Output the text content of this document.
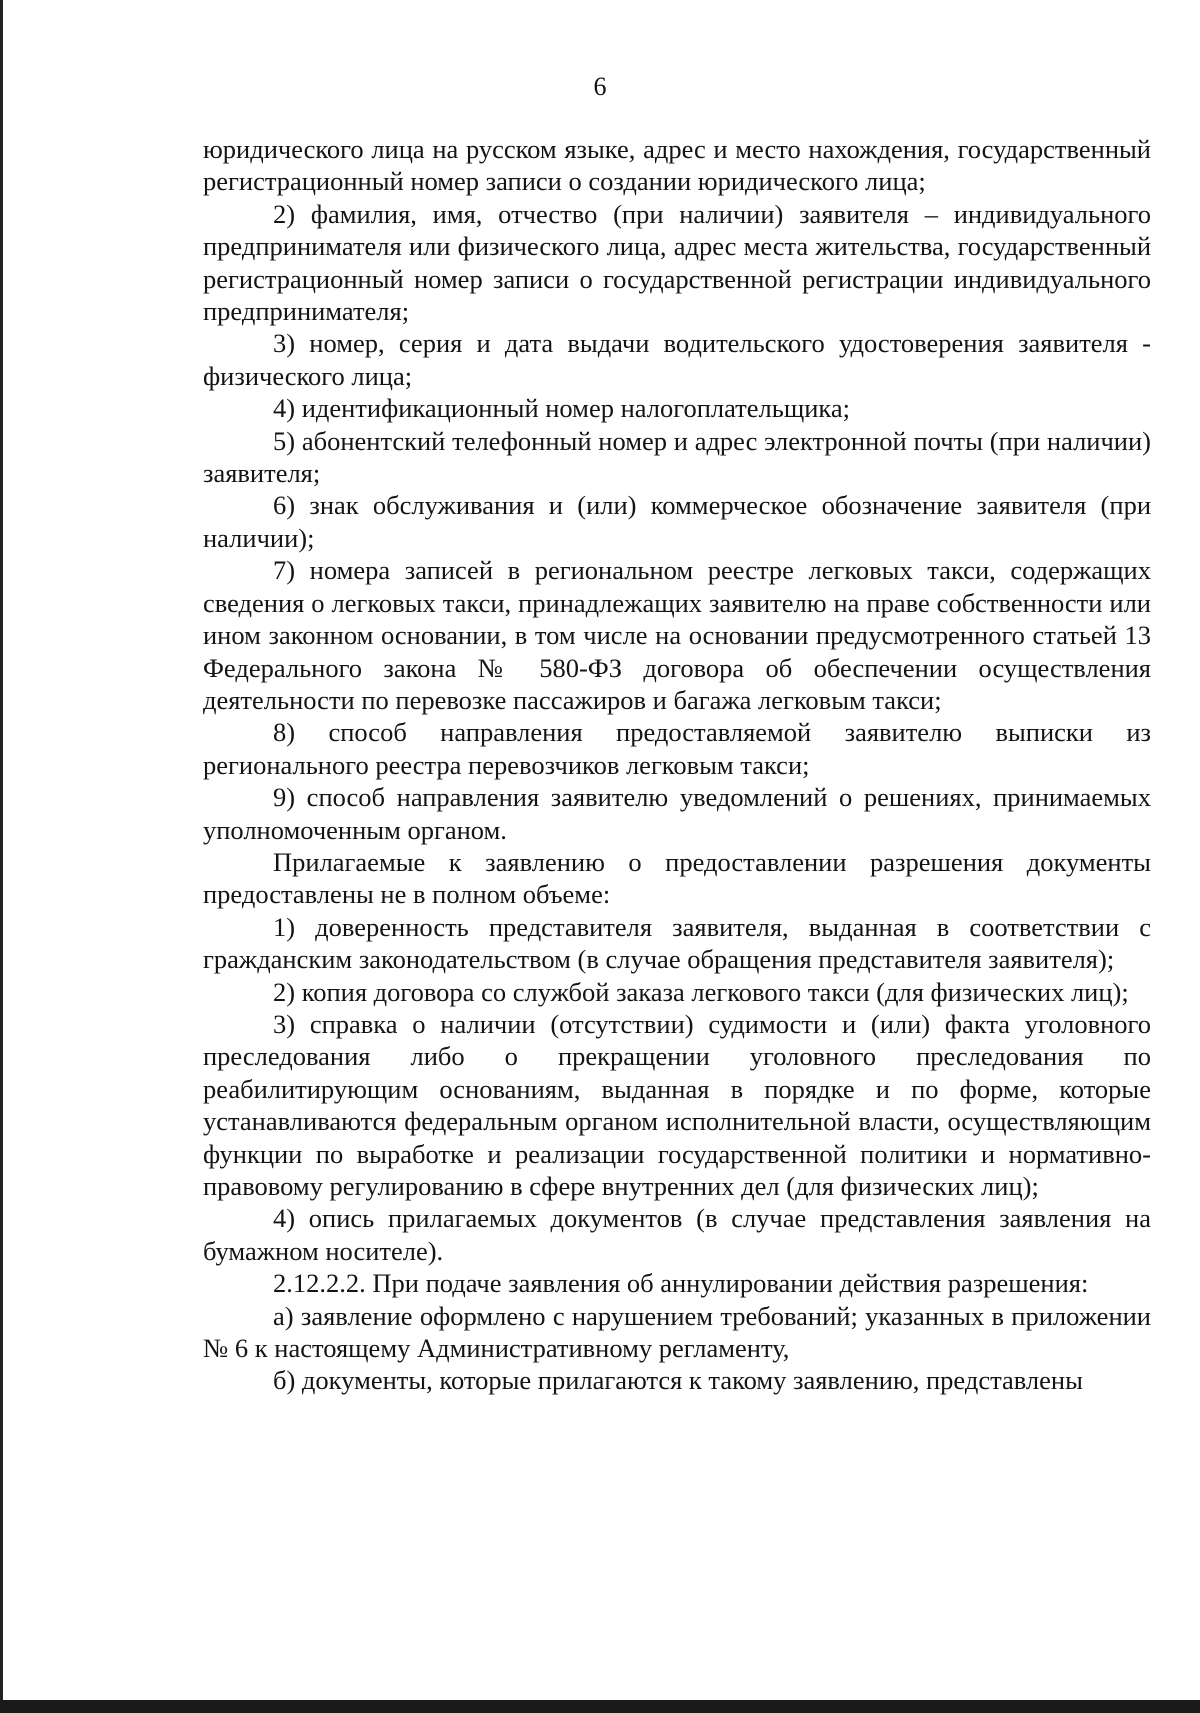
6

юридического лица на русском языке, адрес и место нахождения, государственный регистрационный номер записи о создании юридического лица;

2) фамилия, имя, отчество (при наличии) заявителя – индивидуального предпринимателя или физического лица, адрес места жительства, государственный регистрационный номер записи о государственной регистрации индивидуального предпринимателя;

3) номер, серия и дата выдачи водительского удостоверения заявителя - физического лица;

4) идентификационный номер налогоплательщика;

5) абонентский телефонный номер и адрес электронной почты (при наличии) заявителя;

6) знак обслуживания и (или) коммерческое обозначение заявителя (при наличии);

7) номера записей в региональном реестре легковых такси, содержащих сведения о легковых такси, принадлежащих заявителю на праве собственности или ином законном основании, в том числе на основании предусмотренного статьей 13 Федерального закона № 580-ФЗ договора об обеспечении осуществления деятельности по перевозке пассажиров и багажа легковым такси;

8) способ направления предоставляемой заявителю выписки из регионального реестра перевозчиков легковым такси;

9) способ направления заявителю уведомлений о решениях, принимаемых уполномоченным органом.

Прилагаемые к заявлению о предоставлении разрешения документы предоставлены не в полном объеме:

1) доверенность представителя заявителя, выданная в соответствии с гражданским законодательством (в случае обращения представителя заявителя);

2) копия договора со службой заказа легкового такси (для физических лиц);

3) справка о наличии (отсутствии) судимости и (или) факта уголовного преследования либо о прекращении уголовного преследования по реабилитирующим основаниям, выданная в порядке и по форме, которые устанавливаются федеральным органом исполнительной власти, осуществляющим функции по выработке и реализации государственной политики и нормативно-правовому регулированию в сфере внутренних дел (для физических лиц);

4) опись прилагаемых документов (в случае представления заявления на бумажном носителе).

2.12.2.2. При подаче заявления об аннулировании действия разрешения:

а) заявление оформлено с нарушением требований; указанных в приложении № 6 к настоящему Административному регламенту,

б) документы, которые прилагаются к такому заявлению, представлены
